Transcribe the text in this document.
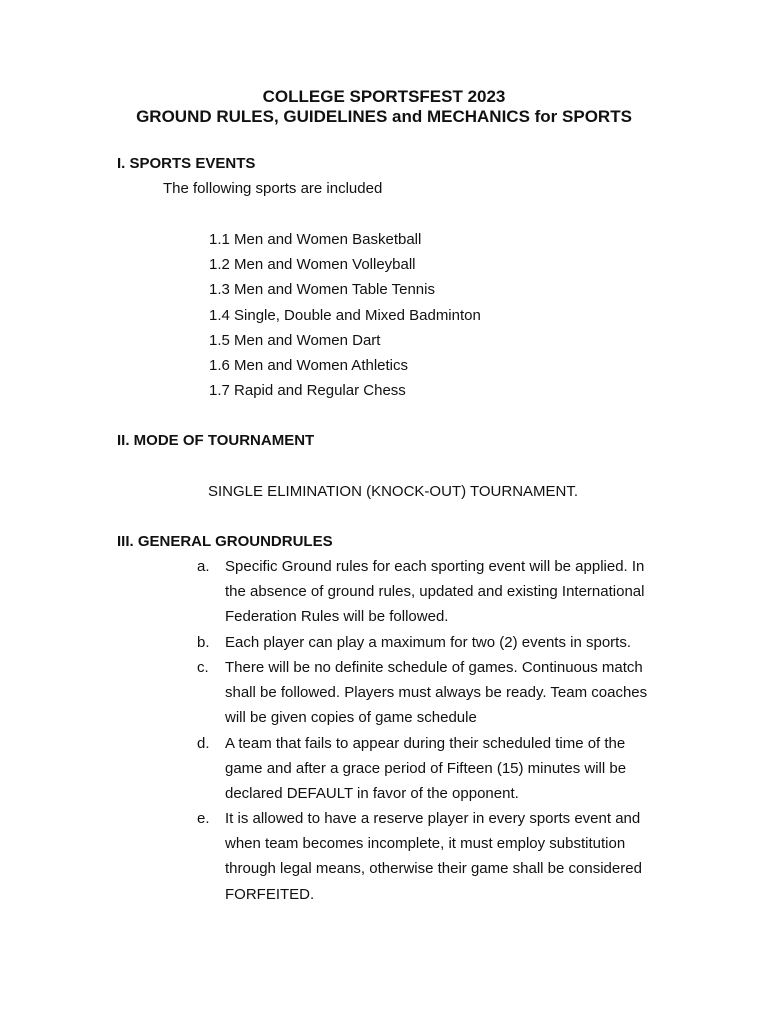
COLLEGE SPORTSFEST 2023
GROUND RULES, GUIDELINES and MECHANICS for SPORTS
I. SPORTS EVENTS
The following sports are included
1.1 Men and Women Basketball
1.2 Men and Women Volleyball
1.3 Men and Women Table Tennis
1.4 Single, Double and Mixed Badminton
1.5 Men and Women Dart
1.6 Men and Women Athletics
1.7 Rapid and Regular Chess
II. MODE OF TOURNAMENT
SINGLE ELIMINATION (KNOCK-OUT) TOURNAMENT.
III. GENERAL GROUNDRULES
a. Specific Ground rules for each sporting event will be applied. In the absence of ground rules, updated and existing International Federation Rules will be followed.
b. Each player can play a maximum for two (2) events in sports.
c. There will be no definite schedule of games. Continuous match shall be followed. Players must always be ready. Team coaches will be given copies of game schedule
d. A team that fails to appear during their scheduled time of the game and after a grace period of Fifteen (15) minutes will be declared DEFAULT in favor of the opponent.
e. It is allowed to have a reserve player in every sports event and when team becomes incomplete, it must employ substitution through legal means, otherwise their game shall be considered FORFEITED.
